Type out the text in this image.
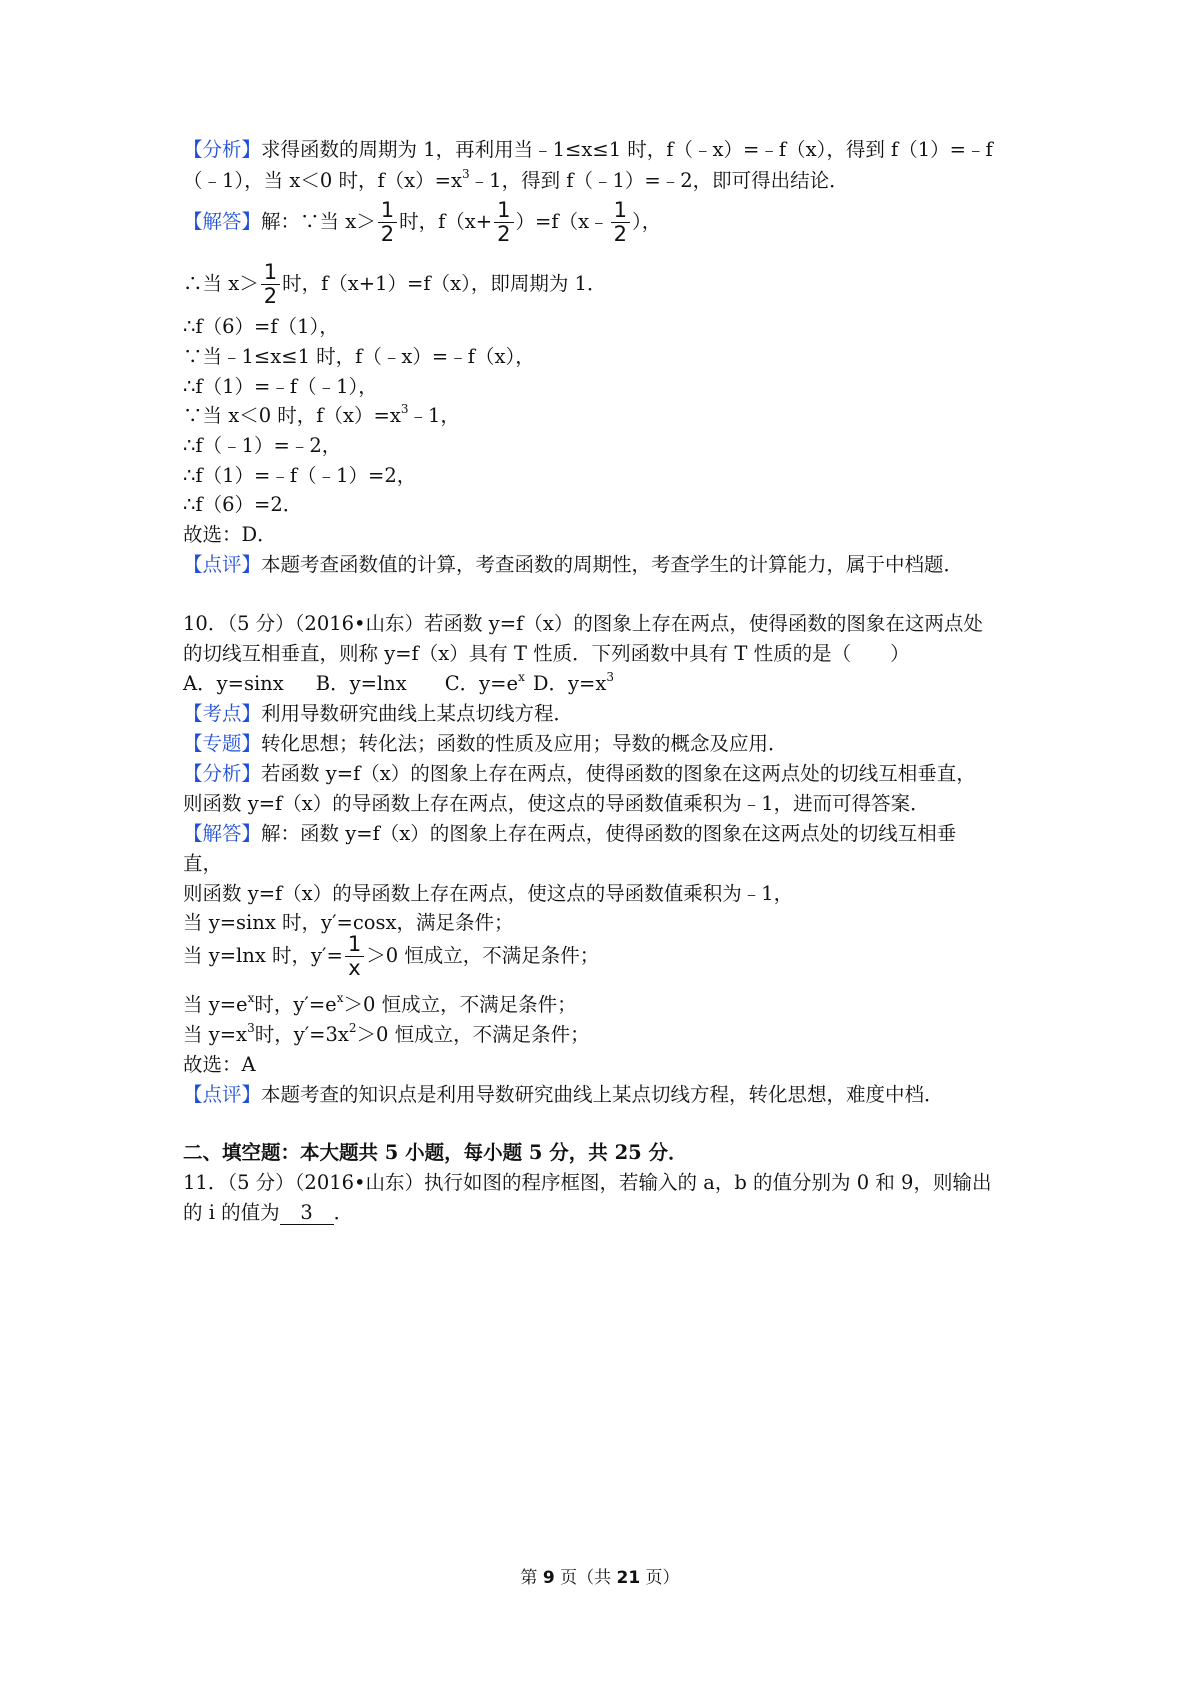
【分析】求得函数的周期为 1，再利用当﹣1≤x≤1 时，f（﹣x）=﹣f（x），得到 f（1）=﹣f
（﹣1），当 x＜0 时，$f(x)=x^3﹣1$，得到 f（﹣1）=﹣2，即可得出结论．
【解答】解：∵当 $x> \frac{1}{2}$ 时，$f(x+ \frac{1}{2}$ ）=f（x﹣ $\frac{1}{2}$ ），
∴当 $x> \frac{1}{2}$ 时，f（x+1）=f（x），即周期为 1．
∴f（6）=f（1），
∵当﹣1≤x≤1 时，f（﹣x）=﹣f（x），
∴f（1）=﹣f（﹣1），
∵当 x＜0 时，$f(x)=x^3﹣1$，
∴f（﹣1）=﹣2，
∴f（1）=﹣f（﹣1）=2，
∴f（6）=2．
故选：D．
【点评】本题考查函数值的计算，考查函数的周期性，考查学生的计算能力，属于中档题．
10．（5 分）（2016•山东）若函数 y=f（x）的图象上存在两点，使得函数的图象在这两点处
的切线互相垂直，则称 y=f（x）具有 T 性质．下列函数中具有 T 性质的是（　　）
A．y=sinx B．y=lnx C．$y=e^x$ D．$y=x^3$
【考点】利用导数研究曲线上某点切线方程．
【专题】转化思想；转化法；函数的性质及应用；导数的概念及应用．
【分析】若函数 y=f（x）的图象上存在两点，使得函数的图象在这两点处的切线互相垂直，
则函数 y=f（x）的导函数上存在两点，使这点的导函数值乘积为﹣1，进而可得答案．
【解答】解：函数 y=f（x）的图象上存在两点，使得函数的图象在这两点处的切线互相垂
直，
则函数 y=f（x）的导函数上存在两点，使这点的导函数值乘积为﹣1，
当 y=sinx 时，y′=cosx，满足条件；
当 y=lnx 时，$y'= \frac{1}{x} >0$ 恒成立，不满足条件；
当 $y=e^x$时，$y'=e^x>0$ 恒成立，不满足条件；
当 $y=x^3$时，$y'=3x^2>0$ 恒成立，不满足条件；
故选：A
【点评】本题考查的知识点是利用导数研究曲线上某点切线方程，转化思想，难度中档．
二、填空题：本大题共 5 小题，每小题 5 分，共 25 分．
11．（5 分）（2016•山东）执行如图的程序框图，若输入的 a，b 的值分别为 0 和 9，则输出
的 i 的值为 3 ．
第 9 页（共 21 页）
